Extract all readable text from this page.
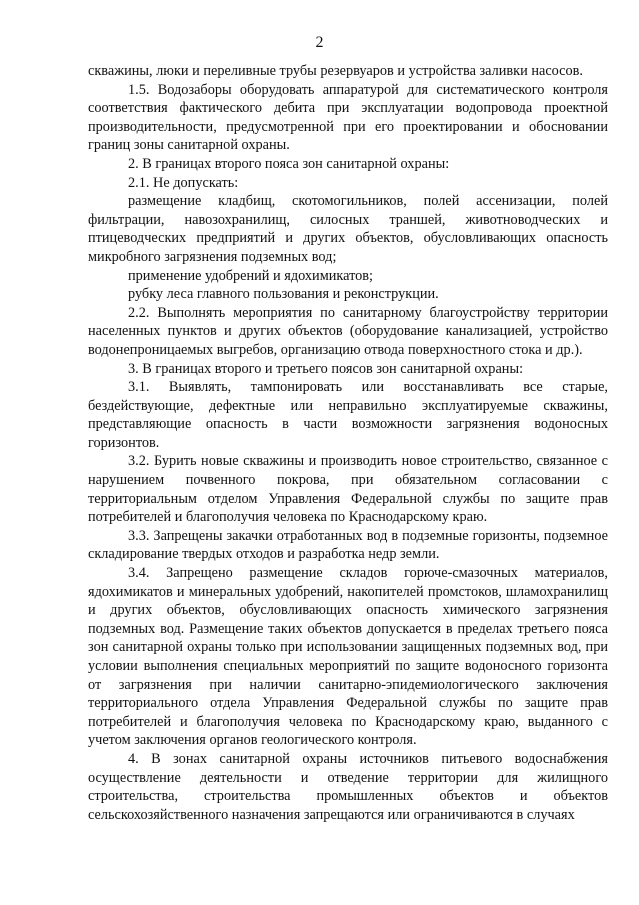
2

скважины, люки и переливные трубы резервуаров и устройства заливки насосов.

1.5. Водозаборы оборудовать аппаратурой для систематического контроля соответствия фактического дебита при эксплуатации водопровода проектной производительности, предусмотренной при его проектировании и обосновании границ зоны санитарной охраны.

2. В границах второго пояса зон санитарной охраны:

2.1. Не допускать:

размещение кладбищ, скотомогильников, полей ассенизации, полей фильтрации, навозохранилищ, силосных траншей, животноводческих и птицеводческих предприятий и других объектов, обусловливающих опасность микробного загрязнения подземных вод;

применение удобрений и ядохимикатов;

рубку леса главного пользования и реконструкции.

2.2. Выполнять мероприятия по санитарному благоустройству территории населенных пунктов и других объектов (оборудование канализацией, устройство водонепроницаемых выгребов, организацию отвода поверхностного стока и др.).

3. В границах второго и третьего поясов зон санитарной охраны:

3.1. Выявлять, тампонировать или восстанавливать все старые, бездействующие, дефектные или неправильно эксплуатируемые скважины, представляющие опасность в части возможности загрязнения водоносных горизонтов.

3.2. Бурить новые скважины и производить новое строительство, связанное с нарушением почвенного покрова, при обязательном согласовании с территориальным отделом Управления Федеральной службы по защите прав потребителей и благополучия человека по Краснодарскому краю.

3.3. Запрещены закачки отработанных вод в подземные горизонты, подземное складирование твердых отходов и разработка недр земли.

3.4. Запрещено размещение складов горюче-смазочных материалов, ядохимикатов и минеральных удобрений, накопителей промстоков, шламохранилищ и других объектов, обусловливающих опасность химического загрязнения подземных вод. Размещение таких объектов допускается в пределах третьего пояса зон санитарной охраны только при использовании защищенных подземных вод, при условии выполнения специальных мероприятий по защите водоносного горизонта от загрязнения при наличии санитарно-эпидемиологического заключения территориального отдела Управления Федеральной службы по защите прав потребителей и благополучия человека по Краснодарскому краю, выданного с учетом заключения органов геологического контроля.

4. В зонах санитарной охраны источников питьевого водоснабжения осуществление деятельности и отведение территории для жилищного строительства, строительства промышленных объектов и объектов сельскохозяйственного назначения запрещаются или ограничиваются в случаях
